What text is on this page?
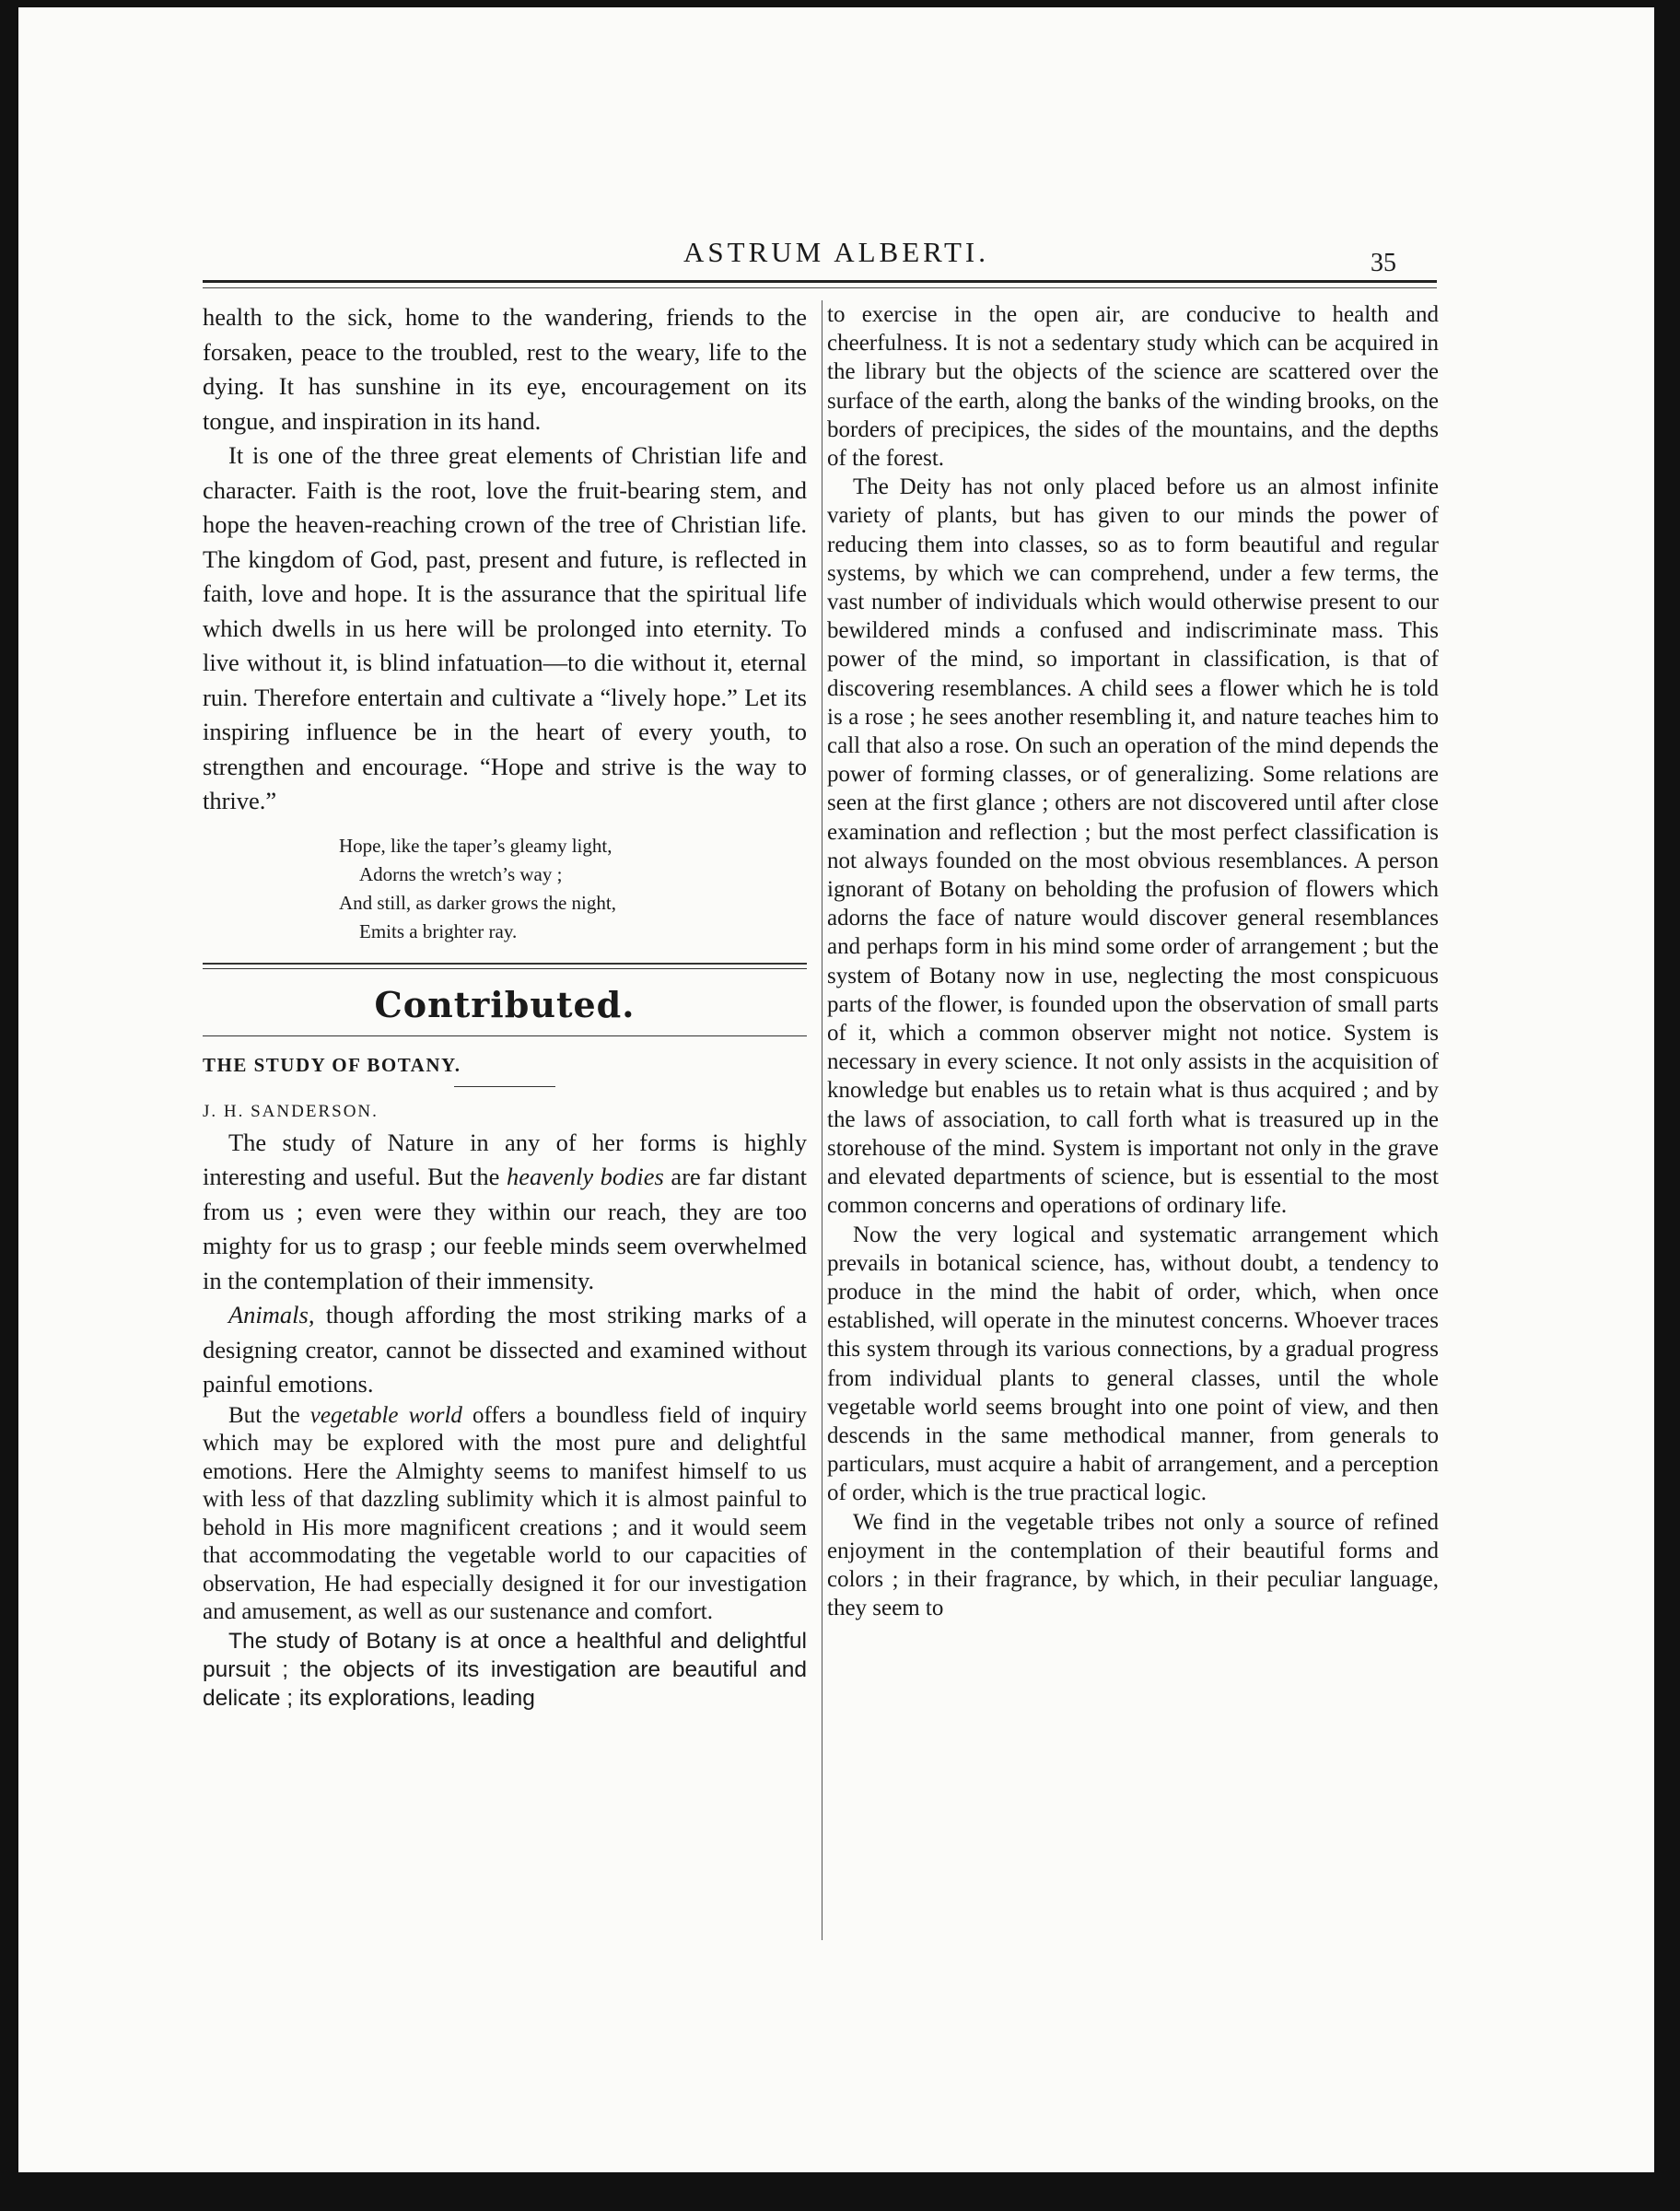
ASTRUM ALBERTI.	35

health to the sick, home to the wandering, friends to the forsaken, peace to the troubled, rest to the weary, life to the dying. It has sunshine in its eye, encouragement on its tongue, and inspiration in its hand.

It is one of the three great elements of Christian life and character. Faith is the root, love the fruit-bearing stem, and hope the heaven-reaching crown of the tree of Christian life. The kingdom of God, past, present and future, is reflected in faith, love and hope. It is the assurance that the spiritual life which dwells in us here will be prolonged into eternity. To live without it, is blind infatuation—to die without it, eternal ruin. Therefore entertain and cultivate a “lively hope.” Let its inspiring influence be in the heart of every youth, to strengthen and encourage. “Hope and strive is the way to thrive.”

Hope, like the taper’s gleamy light,
Adorns the wretch’s way ;
And still, as darker grows the night,
Emits a brighter ray.
Contributed.

THE STUDY OF BOTANY.

J. H. SANDERSON.

The study of Nature in any of her forms is highly interesting and useful. But the heavenly bodies are far distant from us ; even were they within our reach, they are too mighty for us to grasp ; our feeble minds seem overwhelmed in the contemplation of their immensity.

Animals, though affording the most striking marks of a designing creator, cannot be dissected and examined without painful emotions.

But the vegetable world offers a boundless field of inquiry which may be explored with the most pure and delightful emotions. Here the Almighty seems to manifest himself to us with less of that dazzling sublimity which it is almost painful to behold in His more magnificent creations ; and it would seem that accommodating the vegetable world to our capacities of observation, He had especially designed it for our investigation and amusement, as well as our sustenance and comfort.

The study of Botany is at once a healthful and delightful pursuit ; the objects of its investigation are beautiful and delicate ; its explorations, leading

to exercise in the open air, are conducive to health and cheerfulness. It is not a sedentary study which can be acquired in the library but the objects of the science are scattered over the surface of the earth, along the banks of the winding brooks, on the borders of precipices, the sides of the mountains, and the depths of the forest.

The Deity has not only placed before us an almost infinite variety of plants, but has given to our minds the power of reducing them into classes, so as to form beautiful and regular systems, by which we can comprehend, under a few terms, the vast number of individuals which would otherwise present to our bewildered minds a confused and indiscriminate mass. This power of the mind, so important in classification, is that of discovering resemblances. A child sees a flower which he is told is a rose ; he sees another resembling it, and nature teaches him to call that also a rose. On such an operation of the mind depends the power of forming classes, or of generalizing. Some relations are seen at the first glance ; others are not discovered until after close examination and reflection ; but the most perfect classification is not always founded on the most obvious resemblances. A person ignorant of Botany on beholding the profusion of flowers which adorns the face of nature would discover general resemblances and perhaps form in his mind some order of arrangement ; but the system of Botany now in use, neglecting the most conspicuous parts of the flower, is founded upon the observation of small parts of it, which a common observer might not notice. System is necessary in every science. It not only assists in the acquisition of knowledge but enables us to retain what is thus acquired ; and by the laws of association, to call forth what is treasured up in the storehouse of the mind. System is important not only in the grave and elevated departments of science, but is essential to the most common concerns and operations of ordinary life.

Now the very logical and systematic arrangement which prevails in botanical science, has, without doubt, a tendency to produce in the mind the habit of order, which, when once established, will operate in the minutest concerns. Whoever traces this system through its various connections, by a gradual progress from individual plants to general classes, until the whole vegetable world seems brought into one point of view, and then descends in the same methodical manner, from generals to particulars, must acquire a habit of arrangement, and a perception of order, which is the true practical logic.

We find in the vegetable tribes not only a source of refined enjoyment in the contemplation of their beautiful forms and colors ; in their fragrance, by which, in their peculiar language, they seem to
